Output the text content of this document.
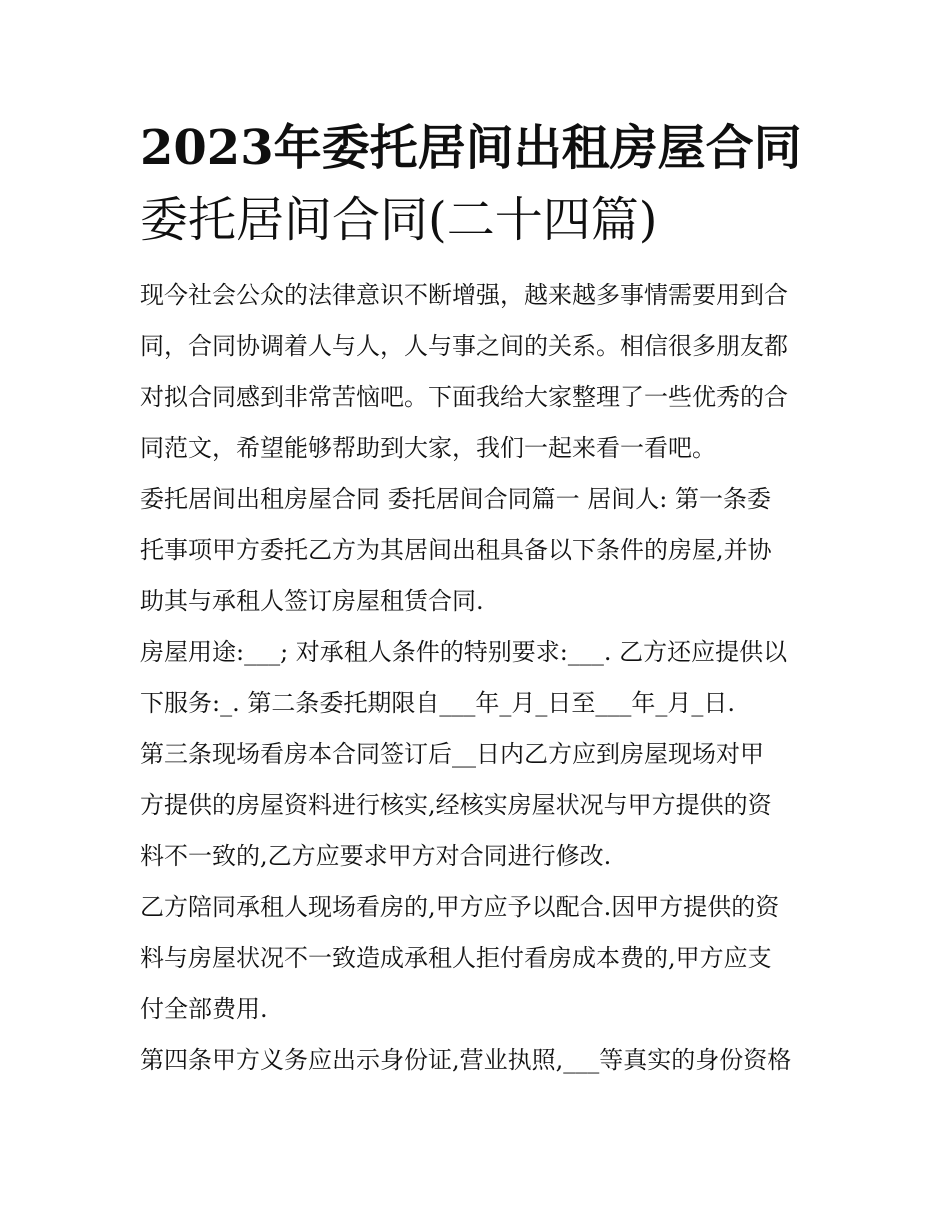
2023年委托居间出租房屋合同
委托居间合同(二十四篇)

现今社会公众的法律意识不断增强，越来越多事情需要用到合
同，合同协调着人与人，人与事之间的关系。相信很多朋友都
对拟合同感到非常苦恼吧。下面我给大家整理了一些优秀的合
同范文，希望能够帮助到大家，我们一起来看一看吧。

委托居间出租房屋合同 委托居间合同篇一 居间人: 第一条委
托事项甲方委托乙方为其居间出租具备以下条件的房屋,并协
助其与承租人签订房屋租赁合同.

房屋用途:___; 对承租人条件的特别要求:___. 乙方还应提供以
下服务:_. 第二条委托期限自___年_月_日至___年_月_日.

第三条现场看房本合同签订后__日内乙方应到房屋现场对甲
方提供的房屋资料进行核实,经核实房屋状况与甲方提供的资
料不一致的,乙方应要求甲方对合同进行修改.

乙方陪同承租人现场看房的,甲方应予以配合.因甲方提供的资
料与房屋状况不一致造成承租人拒付看房成本费的,甲方应支
付全部费用.

第四条甲方义务应出示身份证,营业执照,___等真实的身份资格
